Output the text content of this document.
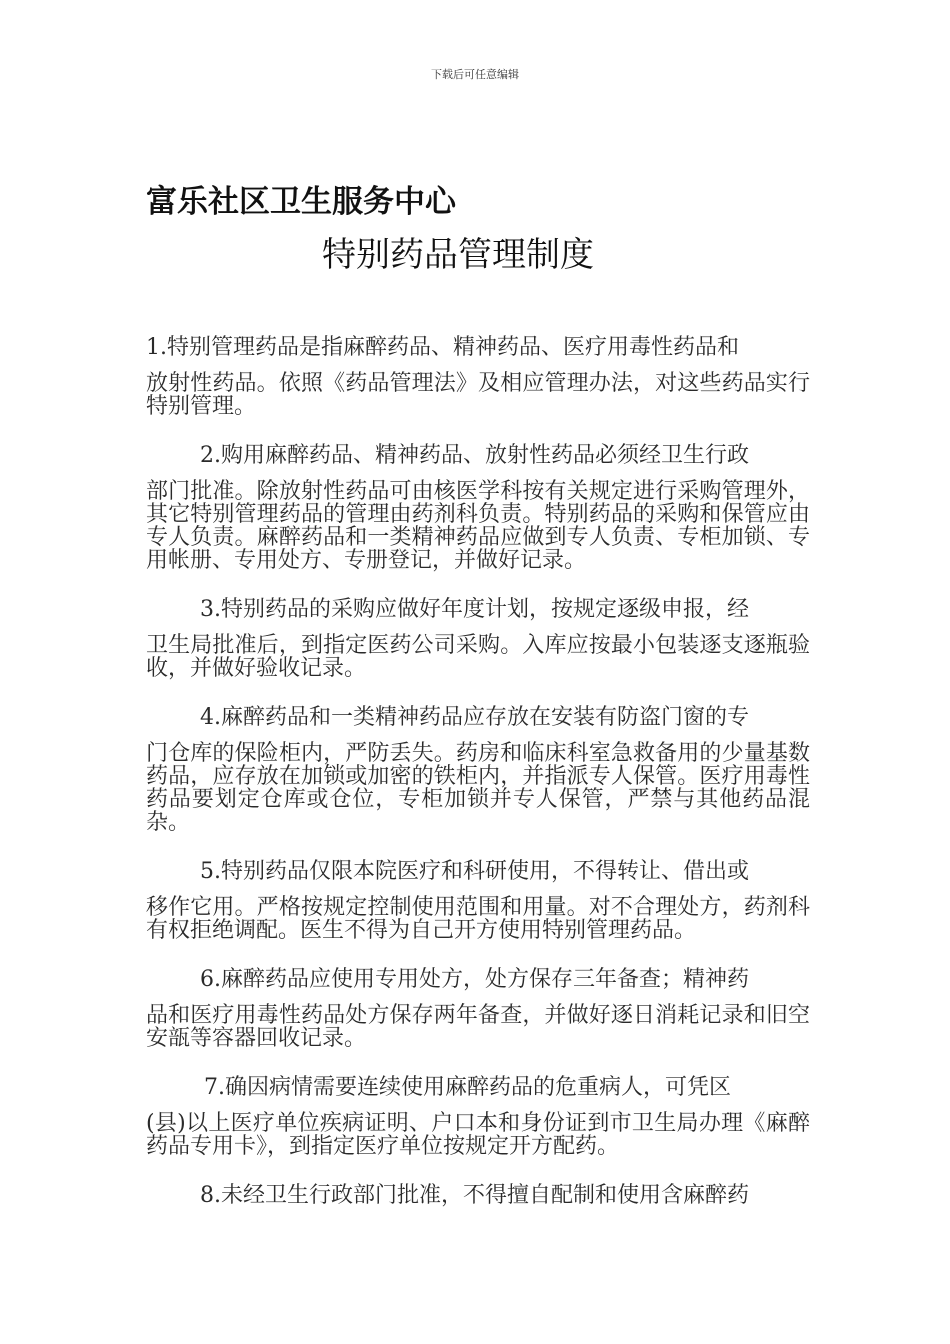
下载后可任意编辑
富乐社区卫生服务中心
特别药品管理制度

1.特别管理药品是指麻醉药品、精神药品、医疗用毒性药品和
放射性药品。依照《药品管理法》及相应管理办法，对这些药品实行特别管理。

2.购用麻醉药品、精神药品、放射性药品必须经卫生行政
部门批准。除放射性药品可由核医学科按有关规定进行采购管理外，其它特别管理药品的管理由药剂科负责。特别药品的采购和保管应由专人负责。麻醉药品和一类精神药品应做到专人负责、专柜加锁、专用帐册、专用处方、专册登记，并做好记录。

3.特别药品的采购应做好年度计划，按规定逐级申报，经
卫生局批准后，到指定医药公司采购。入库应按最小包装逐支逐瓶验收，并做好验收记录。

4.麻醉药品和一类精神药品应存放在安装有防盗门窗的专
门仓库的保险柜内，严防丢失。药房和临床科室急救备用的少量基数药品，应存放在加锁或加密的铁柜内，并指派专人保管。医疗用毒性药品要划定仓库或仓位，专柜加锁并专人保管，严禁与其他药品混杂。

5.特别药品仅限本院医疗和科研使用，不得转让、借出或
移作它用。严格按规定控制使用范围和用量。对不合理处方，药剂科有权拒绝调配。医生不得为自己开方使用特别管理药品。

6.麻醉药品应使用专用处方，处方保存三年备查；精神药
品和医疗用毒性药品处方保存两年备查，并做好逐日消耗记录和旧空安瓿等容器回收记录。

7.确因病情需要连续使用麻醉药品的危重病人，可凭区
(县)以上医疗单位疾病证明、户口本和身份证到市卫生局办理《麻醉药品专用卡》，到指定医疗单位按规定开方配药。

8.未经卫生行政部门批准，不得擅自配制和使用含麻醉药
